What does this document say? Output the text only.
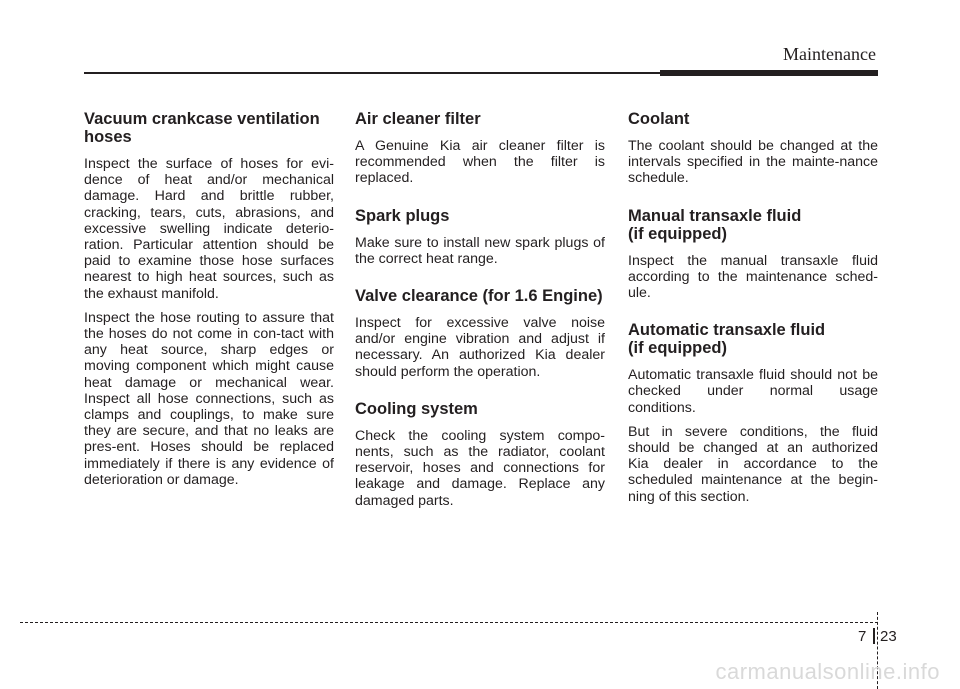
Maintenance
Vacuum crankcase ventilation
hoses

Inspect the surface of hoses for evi-dence of heat and/or mechanical damage. Hard and brittle rubber, cracking, tears, cuts, abrasions, and excessive swelling indicate deterio-ration. Particular attention should be paid to examine those hose surfaces nearest to high heat sources, such as the exhaust manifold.

Inspect the hose routing to assure that the hoses do not come in con-tact with any heat source, sharp edges or moving component which might cause heat damage or mechanical wear. Inspect all hose connections, such as clamps and couplings, to make sure they are secure, and that no leaks are pres-ent. Hoses should be replaced immediately if there is any evidence of deterioration or damage.

Air cleaner filter

A Genuine Kia air cleaner filter is recommended when the filter is replaced.

Spark plugs

Make sure to install new spark plugs of the correct heat range.

Valve clearance (for 1.6 Engine)

Inspect for excessive valve noise and/or engine vibration and adjust if necessary. An authorized Kia dealer should perform the operation.

Cooling system

Check the cooling system compo-nents, such as the radiator, coolant reservoir, hoses and connections for leakage and damage. Replace any damaged parts.

Coolant

The coolant should be changed at the intervals specified in the mainte-nance schedule.

Manual transaxle fluid
(if equipped)

Inspect the manual transaxle fluid according to the maintenance sched-ule.

Automatic transaxle fluid
(if equipped)

Automatic transaxle fluid should not be checked under normal usage conditions.

But in severe conditions, the fluid should be changed at an authorized Kia dealer in accordance to the scheduled maintenance at the begin-ning of this section.

7 23
carmanualsonline.info
